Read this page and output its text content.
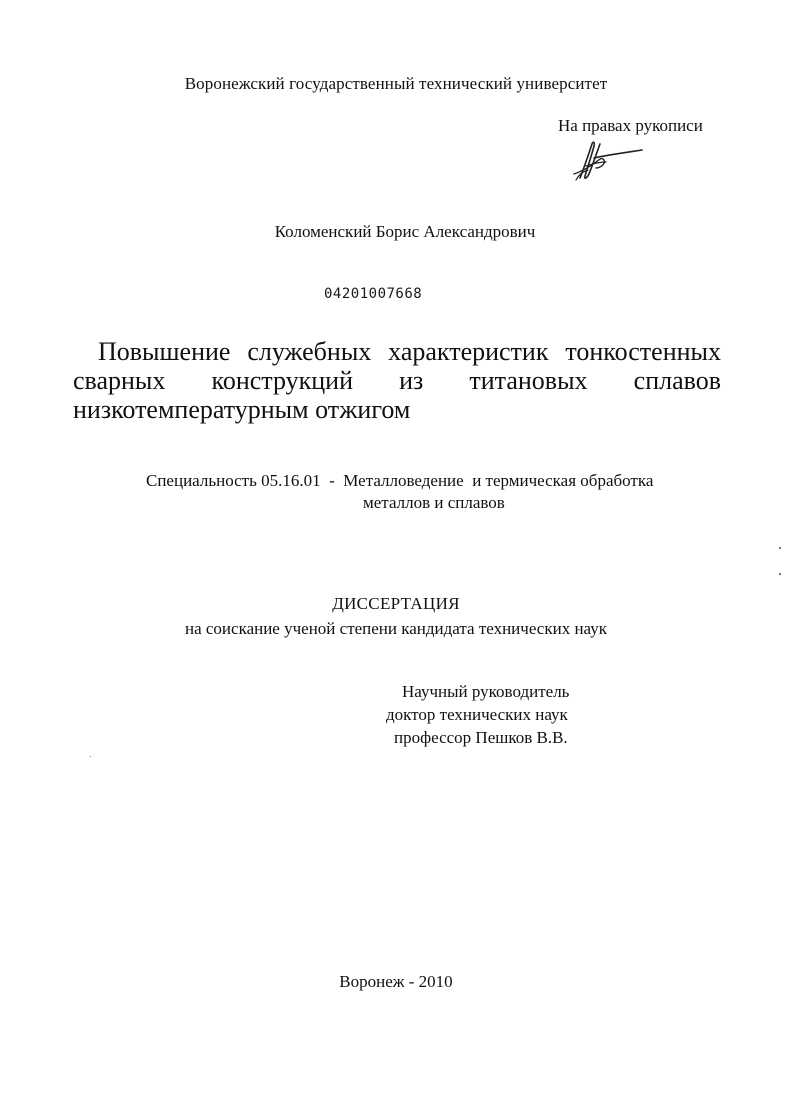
Воронежский государственный технический университет
На правах рукописи
Коломенский Борис Александрович
04201007668
Повышение служебных характеристик тонкостенных
сварных конструкций из титановых сплавов
низкотемпературным отжигом
Специальность 05.16.01  -  Металловедение  и термическая обработка
металлов и сплавов
ДИССЕРТАЦИЯ
на соискание ученой степени кандидата технических наук
Научный руководитель
доктор технических наук
профессор Пешков В.В.
Воронеж - 2010
